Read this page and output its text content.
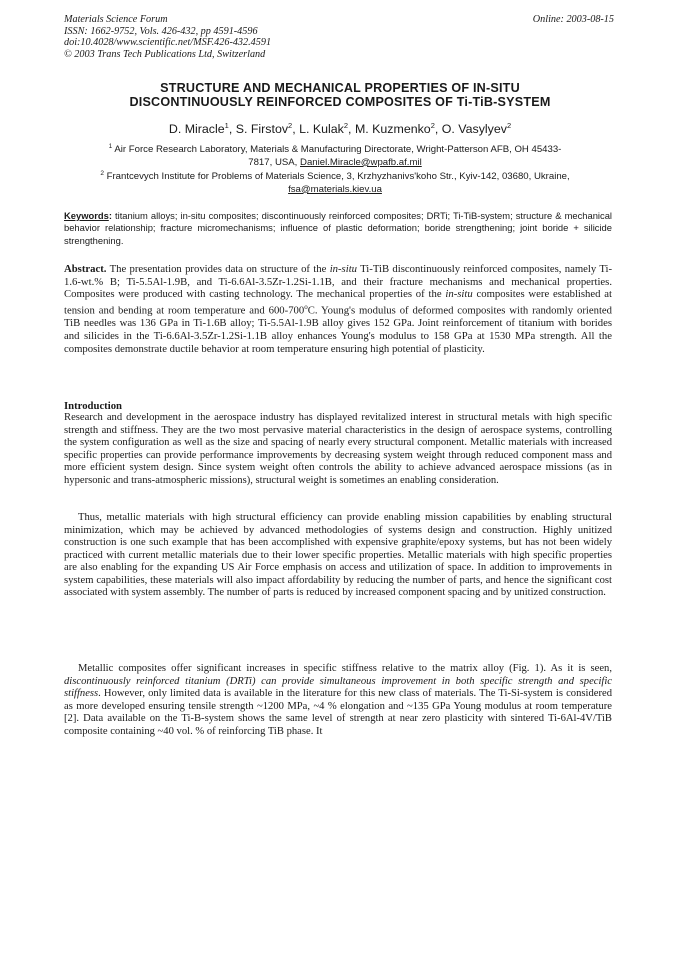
Materials Science Forum
ISSN: 1662-9752, Vols. 426-432, pp 4591-4596
doi:10.4028/www.scientific.net/MSF.426-432.4591
© 2003 Trans Tech Publications Ltd, Switzerland
Online: 2003-08-15
STRUCTURE AND MECHANICAL PROPERTIES OF IN-SITU
DISCONTINUOUSLY REINFORCED COMPOSITES OF Ti-TiB-SYSTEM
D. Miracle$^1$, S. Firstov$^2$, L. Kulak$^2$, M. Kuzmenko$^2$, O. Vasylyev$^2$
$^1$ Air Force Research Laboratory, Materials & Manufacturing Directorate, Wright-Patterson AFB, OH 45433-7817, USA, Daniel.Miracle@wpafb.af.mil
$^2$ Frantcevych Institute for Problems of Materials Science, 3, Krzhyzhanivs'koho Str., Kyiv-142, 03680, Ukraine, fsa@materials.kiev.ua
Keywords: titanium alloys; in-situ composites; discontinuously reinforced composites; DRTi; Ti-TiB-system; structure & mechanical behavior relationship; fracture micromechanisms; influence of plastic deformation; boride strengthening; joint boride + silicide strengthening.
Abstract. The presentation provides data on structure of the in-situ Ti-TiB discontinuously reinforced composites, namely Ti-1.6-wt.% B; Ti-5.5Al-1.9B, and Ti-6.6Al-3.5Zr-1.2Si-1.1B, and their fracture mechanisms and mechanical properties. Composites were produced with casting technology. The mechanical properties of the in-situ composites were established at tension and bending at room temperature and 600-700$^o$C. Young's modulus of deformed composites with randomly oriented TiB needles was 136 GPa in Ti-1.6B alloy; Ti-5.5Al-1.9B alloy gives 152 GPa. Joint reinforcement of titanium with borides and silicides in the Ti-6.6Al-3.5Zr-1.2Si-1.1B alloy enhances Young's modulus to 158 GPa at 1530 MPa strength. All the composites demonstrate ductile behavior at room temperature ensuring high potential of plasticity.
Introduction
Research and development in the aerospace industry has displayed revitalized interest in structural metals with high specific strength and stiffness. They are the two most pervasive material characteristics in the design of aerospace systems, controlling the system configuration as well as the size and spacing of nearly every structural component. Metallic materials with increased specific properties can provide performance improvements by decreasing system weight through reduced component mass and more efficient system design. Since system weight often controls the ability to achieve advanced aerospace missions (as in hypersonic and trans-atmospheric missions), structural weight is sometimes an enabling consideration.
Thus, metallic materials with high structural efficiency can provide enabling mission capabilities by enabling structural minimization, which may be achieved by advanced methodologies of systems design and construction. Highly unitized construction is one such example that has been accomplished with expensive graphite/epoxy systems, but has not been widely practiced with current metallic materials due to their lower specific properties. Metallic materials with high specific properties are also enabling for the expanding US Air Force emphasis on access and utilization of space. In addition to improvements in system capabilities, these materials will also impact affordability by reducing the number of parts, and hence the significant cost associated with system assembly. The number of parts is reduced by increased component spacing and by unitized construction.
Metallic composites offer significant increases in specific stiffness relative to the matrix alloy (Fig. 1). As it is seen, discontinuously reinforced titanium (DRTi) can provide simultaneous improvement in both specific strength and specific stiffness. However, only limited data is available in the literature for this new class of materials. The Ti-Si-system is considered as more developed ensuring tensile strength ~1200 MPa, ~4 % elongation and ~135 GPa Young modulus at room temperature [2]. Data available on the Ti-B-system shows the same level of strength at near zero plasticity with sintered Ti-6Al-4V/TiB composite containing ~40 vol. % of reinforcing TiB phase. It
